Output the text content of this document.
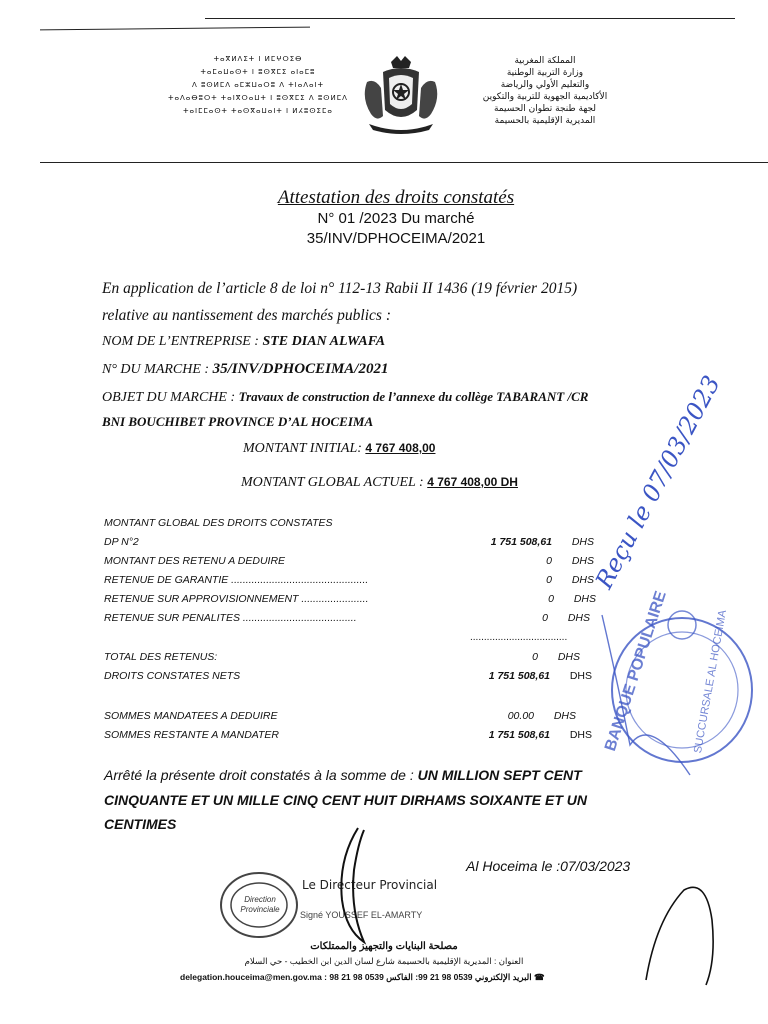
ⵜⴰⴳⵍⴷⵉⵜ ⵏ ⵍⵎⵖⵔⵉⴱ
ⵜⴰⵎⴰⵡⴰⵙⵜ ⵏ ⵓⵙⴳⵎⵉ ⴰⵏⴰⵎⵓ
ⴷ ⵓⵙⵍⵎⴷ ⴰⵎⵣⵡⴰⵔⵓ ⴷ ⵜⵏⴰⴷⴰⵏⵜ
ⵜⴰⴷⴰⴱⵓⵔⵜ ⵜⴰⵏⴳⵔⴰⵡⵜ ⵏ ⵓⵙⴳⵎⵉ ⴷ ⵓⵙⵍⵎⴷ
ⵜⴰⵏⵎⵎⴰⵙⵜ ⵜⴰⵙⴳⴰⵡⴰⵏⵜ ⵏ ⵍⵃⵓⵙⵉⵎⴰ
المملكة المغربية
وزارة التربية الوطنية
والتعليم الأولي والرياضة
الأكاديمية الجهوية للتربية والتكوين
لجهة طنجة تطوان الحسيمة
المديرية الإقليمية بالحسيمة
Attestation des droits constatés
N° 01 /2023 Du marché
35/INV/DPHOCEIMA/2021
En application de l’article 8 de loi n° 112-13 Rabii II 1436 (19 février 2015)
relative au nantissement des marchés publics :
NOM DE L’ENTREPRISE : STE DIAN ALWAFA
N° DU MARCHE : 35/INV/DPHOCEIMA/2021
OBJET DU MARCHE : Travaux de construction de l’annexe du collège TABARANT /CR
BNI BOUCHIBET PROVINCE D’AL HOCEIMA
MONTANT INITIAL: 4 767 408,00
MONTANT GLOBAL ACTUEL : 4 767 408,00 DH
MONTANT GLOBAL DES DROITS CONSTATES
DP N°2	1 751 508,61 DHS
MONTANT DES RETENU A DEDUIRE	0 DHS
RETENUE DE GARANTIE ...............................................	0 DHS
RETENUE SUR APPROVISIONNEMENT .......................	0 DHS
RETENUE SUR PENALITES .......................................	0 DHS
...................................
TOTAL DES RETENUS:	0 DHS
DROITS CONSTATES NETS	1 751 508,61 DHS
SOMMES MANDATEES A DEDUIRE	00.00 DHS
SOMMES RESTANTE A MANDATER	1 751 508,61 DHS
Arrêté la présente droit constatés à la somme de : UN MILLION SEPT CENT
CINQUANTE ET UN MILLE CINQ CENT HUIT DIRHAMS SOIXANTE ET UN
CENTIMES
Al Hoceima le :07/03/2023
Direction Provinciale
Le Directeur Provincial
Signé YOUSSEF EL-AMARTY
Reçu le 07/03/2023
BANQUE POPULAIRE SUCCURSALE AL HOCEIMA
مصلحة البنايات والتجهيز والممتلكات
العنوان : المديرية الإقليمية بالحسيمة شارع لسان الدين ابن الخطيب - حي السلام
delegation.houceima@men.gov.ma : البريد الإلكتروني 0539 98 21 99: الفاكس 0539 98 21 98 ☎
